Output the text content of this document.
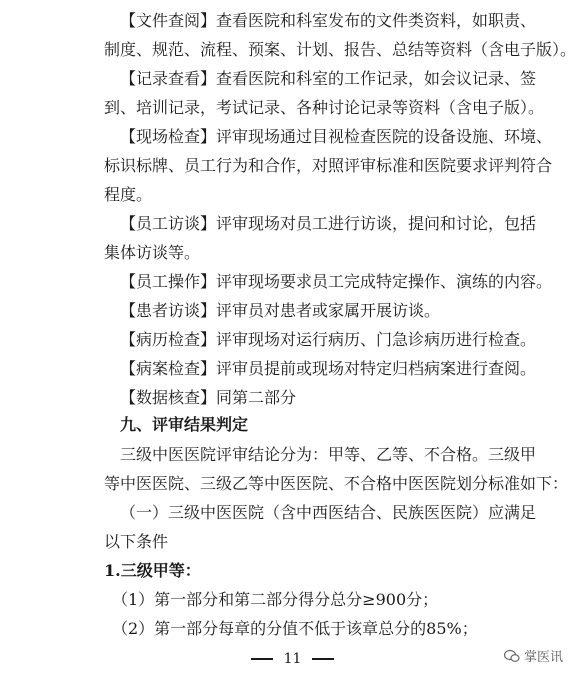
【文件查阅】查看医院和科室发布的文件类资料，如职责、
制度、规范、流程、预案、计划、报告、总结等资料（含电子版）。
【记录查看】查看医院和科室的工作记录，如会议记录、签
到、培训记录，考试记录、各种讨论记录等资料（含电子版）。
【现场检查】评审现场通过目视检查医院的设备设施、环境、
标识标牌、员工行为和合作，对照评审标准和医院要求评判符合
程度。
【员工访谈】评审现场对员工进行访谈，提问和讨论，包括
集体访谈等。
【员工操作】评审现场要求员工完成特定操作、演练的内容。
【患者访谈】评审员对患者或家属开展访谈。
【病历检查】评审现场对运行病历、门急诊病历进行检查。
【病案检查】评审员提前或现场对特定归档病案进行查阅。
【数据核查】同第二部分
九、评审结果判定
三级中医医院评审结论分为：甲等、乙等、不合格。三级甲
等中医医院、三级乙等中医医院、不合格中医医院划分标准如下：
（一）三级中医医院（含中西医结合、民族医医院）应满足
以下条件
1.三级甲等：
（1）第一部分和第二部分得分总分≥900分；
（2）第一部分每章的分值不低于该章总分的85%；
11	掌医讯
